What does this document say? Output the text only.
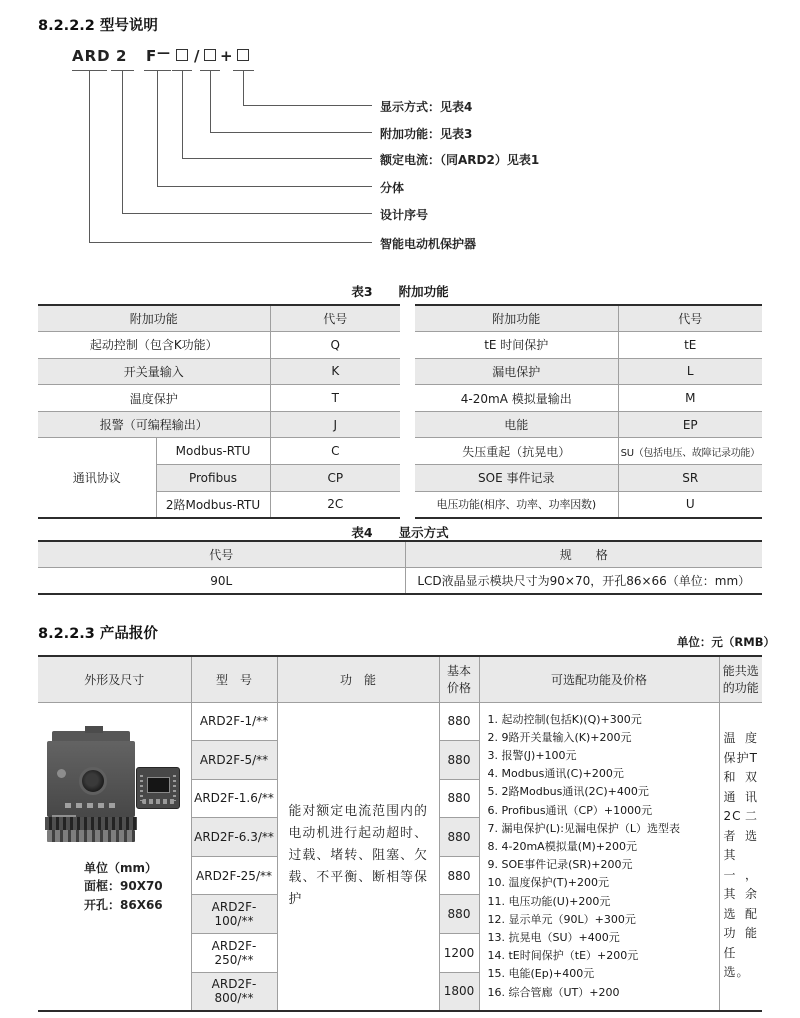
8.2.2.2 型号说明
ARD 2 F — / +
显示方式：见表4
附加功能：见表3
额定电流：（同ARD2）见表1
分体
设计序号
智能电动机保护器
表3 附加功能
附加功能		代号
起动控制（包含K功能）		Q
开关量输入		K
温度保护		T
报警（可编程输出）		J
通讯协议	Modbus-RTU	C
	Profibus	CP
	2路Modbus-RTU	2C
附加功能	代号
tE 时间保护	tE
漏电保护	L
4-20mA 模拟量输出	M
电能	EP
失压重起（抗晃电）	SU（包括电压、故障记录功能）
SOE 事件记录	SR
电压功能(相序、功率、功率因数)	U
表4 显示方式
代号	规　　格
90L	LCD液晶显示模块尺寸为90×70，开孔86×66（单位：mm）
8.2.2.3 产品报价	单位：元（RMB）
外形及尺寸	型　号	功　能	基本价格	可选配功能及价格	能共选的功能

单位（mm）
面框：90X70
开孔：86X66
	ARD2F-1/**	能对额定电流范围内的电动机进行起动超时、过载、堵转、阻塞、欠载、不平衡、断相等保护	880	1. 起动控制(包括K)(Q)+300元
2. 9路开关量输入(K)+200元
3. 报警(J)+100元
4. Modbus通讯(C)+200元
5. 2路Modbus通讯(2C)+400元
6. Profibus通讯（CP）+1000元
7. 漏电保护(L):见漏电保护（L）选型表
8. 4-20mA模拟量(M)+200元
9. SOE事件记录(SR)+200元
10. 温度保护(T)+200元
11. 电压功能(U)+200元
12. 显示单元（90L）+300元
13. 抗晃电（SU）+400元
14. tE时间保护（tE）+200元
15. 电能(Ep)+400元
16. 综合管廊（UT）+200
	温度保护T和双通讯2C二者选其一，其余选配功能任选。
	ARD2F-5/**		880		
	ARD2F-1.6/**		880		
	ARD2F-6.3/**		880		
	ARD2F-25/**		880		
	ARD2F-100/**		880		
	ARD2F-250/**		1200		
	ARD2F-800/**		1800		
